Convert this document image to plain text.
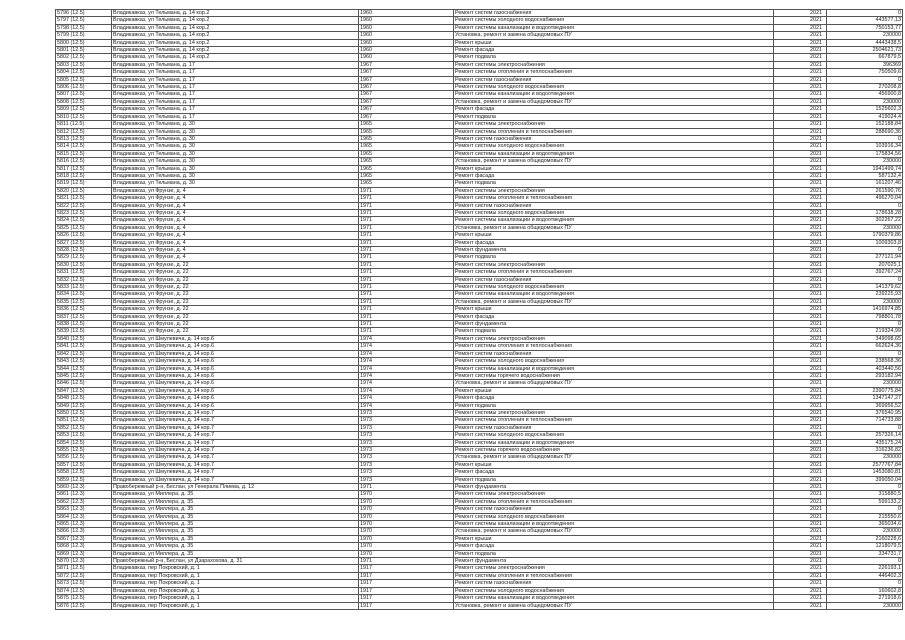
5796 (12.5)	Владикавказ, ул Тельмана, д. 14 кор.2	1960	Ремонт систем газоснабжения	2021	0
5797 (12.5)	Владикавказ, ул Тельмана, д. 14 кор.2	1960	Ремонт системы холодного водоснабжения	2021	443577,13
5798 (12.5)	Владикавказ, ул Тельмана, д. 14 кор.2	1960	Ремонт системы канализации и водоотведения	2021	750153,77
5799 (12.5)	Владикавказ, ул Тельмана, д. 14 кор.2	1960	Установка, ремонт и замена общедомовых ПУ	2021	230000
5800 (12.5)	Владикавказ, ул Тельмана, д. 14 кор.2	1960	Ремонт крыши	2021	4443438,5
5801 (12.5)	Владикавказ, ул Тельмана, д. 14 кор.2	1960	Ремонт фасада	2021	2504621,73
5802 (12.5)	Владикавказ, ул Тельмана, д. 14 кор.2	1960	Ремонт подвала	2021	667879,5
5803 (12.5)	Владикавказ, ул Тельмана, д. 17	1967	Ремонт системы электроснабжения	2021	396369
5804 (12.5)	Владикавказ, ул Тельмана, д. 17	1967	Ремонт системы отопления и теплоснабжения	2021	750509,6
5805 (12.5)	Владикавказ, ул Тельмана, д. 17	1967	Ремонт систем газоснабжения	2021	0
5806 (12.5)	Владикавказ, ул Тельмана, д. 17	1967	Ремонт системы холодного водоснабжения	2021	270208,8
5807 (12.5)	Владикавказ, ул Тельмана, д. 17	1967	Ремонт системы канализации и водоотведения	2021	456900,8
5808 (12.5)	Владикавказ, ул Тельмана, д. 17	1967	Установка, ремонт и замена общедомовых ПУ	2021	230000
5809 (12.5)	Владикавказ, ул Тельмана, д. 17	1967	Ремонт фасада	2021	1525602,3
5810 (12.5)	Владикавказ, ул Тельмана, д. 17	1967	Ремонт подвала	2021	419024,4
5811 (12.5)	Владикавказ, ул Тельмана, д. 30	1965	Ремонт системы электроснабжения	2021	152188,84
5812 (12.5)	Владикавказ, ул Тельмана, д. 30	1965	Ремонт системы отопления и теплоснабжения	2021	288690,36
5813 (12.5)	Владикавказ, ул Тельмана, д. 30	1965	Ремонт систем газоснабжения	2021	0
5814 (12.5)	Владикавказ, ул Тельмана, д. 30	1965	Ремонт системы холодного водоснабжения	2021	103916,34
5815 (12.5)	Владикавказ, ул Тельмана, д. 30	1965	Ремонт системы канализации и водоотведения	2021	175834,56
5816 (12.5)	Владикавказ, ул Тельмана, д. 30	1965	Установка, ремонт и замена общедомовых ПУ	2021	230000
5817 (12.5)	Владикавказ, ул Тельмана, д. 30	1965	Ремонт крыши	2021	1941499,74
5818 (12.5)	Владикавказ, ул Тельмана, д. 30	1965	Ремонт фасада	2021	587132,4
5819 (12.5)	Владикавказ, ул Тельмана, д. 30	1965	Ремонт подвала	2021	161207,46
5820 (12.5)	Владикавказ, ул Фрунзе, д. 4	1971	Ремонт системы электроснабжения	2021	261590,76
5821 (12.5)	Владикавказ, ул Фрунзе, д. 4	1971	Ремонт системы отопления и теплоснабжения	2021	496270,04
5822 (12.5)	Владикавказ, ул Фрунзе, д. 4	1971	Ремонт систем газоснабжения	2021	0
5823 (12.5)	Владикавказ, ул Фрунзе, д. 4	1971	Ремонт системы холодного водоснабжения	2021	178638,28
5824 (12.5)	Владикавказ, ул Фрунзе, д. 4	1971	Ремонт системы канализации и водоотведения	2021	302267,22
5825 (12.5)	Владикавказ, ул Фрунзе, д. 4	1971	Установка, ремонт и замена общедомовых ПУ	2021	230000
5826 (12.5)	Владикавказ, ул Фрунзе, д. 4	1971	Ремонт крыши	2021	1790379,86
5827 (12.5)	Владикавказ, ул Фрунзе, д. 4	1971	Ремонт фасада	2021	1009303,8
5828 (12.5)	Владикавказ, ул Фрунзе, д. 4	1971	Ремонт фундамента	2021	0
5829 (12.5)	Владикавказ, ул Фрунзе, д. 4	1971	Ремонт подвала	2021	277121,94
5830 (12.5)	Владикавказ, ул Фрунзе, д. 22	1971	Ремонт системы электроснабжения	2021	207025,1
5831 (12.5)	Владикавказ, ул Фрунзе, д. 22	1971	Ремонт системы отопления и теплоснабжения	2021	392767,24
5832 (12.5)	Владикавказ, ул Фрунзе, д. 22	1971	Ремонт систем газоснабжения	2021	0
5833 (12.5)	Владикавказ, ул Фрунзе, д. 22	1971	Ремонт системы холодного водоснабжения	2021	141379,62
5834 (12.5)	Владикавказ, ул Фрунзе, д. 22	1971	Ремонт системы канализации и водоотведения	2021	239225,93
5835 (12.5)	Владикавказ, ул Фрунзе, д. 22	1971	Установка, ремонт и замена общедомовых ПУ	2021	230000
5836 (12.5)	Владикавказ, ул Фрунзе, д. 22	1971	Ремонт крыши	2021	1416974,85
5837 (12.5)	Владикавказ, ул Фрунзе, д. 22	1971	Ремонт фасада	2021	798801,78
5838 (12.5)	Владикавказ, ул Фрунзе, д. 22	1971	Ремонт фундамента	2021	0
5839 (12.5)	Владикавказ, ул Фрунзе, д. 22	1971	Ремонт подвала	2021	219324,99
5840 (12.5)	Владикавказ, ул Шмулевича, д. 14 кор.6	1974	Ремонт системы электроснабжения	2021	349098,65
5841 (12.5)	Владикавказ, ул Шмулевича, д. 14 кор.6	1974	Ремонт системы отопления и теплоснабжения	2021	662624,36
5842 (12.5)	Владикавказ, ул Шмулевича, д. 14 кор.6	1974	Ремонт систем газоснабжения	2021	0
5843 (12.5)	Владикавказ, ул Шмулевича, д. 14 кор.6	1974	Ремонт системы холодного водоснабжения	2021	238568,36
5844 (12.5)	Владикавказ, ул Шмулевича, д. 14 кор.6	1974	Ремонт системы канализации и водоотведения	2021	403440,56
5845 (12.5)	Владикавказ, ул Шмулевича, д. 14 кор.6	1974	Ремонт системы горячего водоснабжения	2021	293182,94
5846 (12.5)	Владикавказ, ул Шмулевича, д. 14 кор.6	1974	Установка, ремонт и замена общедомовых ПУ	2021	230000
5847 (12.5)	Владикавказ, ул Шмулевича, д. 14 кор.6	1974	Ремонт крыши	2021	2390775,84
5848 (12.5)	Владикавказ, ул Шмулевича, д. 14 кор.6	1974	Ремонт фасада	2021	1347147,27
5849 (12.5)	Владикавказ, ул Шмулевича, д. 14 кор.6	1974	Ремонт подвала	2021	369956,52
5850 (12.5)	Владикавказ, ул Шмулевича, д. 14 кор.7	1973	Ремонт системы электроснабжения	2021	376540,95
5851 (12.5)	Владикавказ, ул Шмулевича, д. 14 кор.7	1973	Ремонт системы отопления и теплоснабжения	2021	714733,88
5852 (12.5)	Владикавказ, ул Шмулевича, д. 14 кор.7	1973	Ремонт систем газоснабжения	2021	0
5853 (12.5)	Владикавказ, ул Шмулевича, д. 14 кор.7	1973	Ремонт системы холодного водоснабжения	2021	257326,14
5854 (12.5)	Владикавказ, ул Шмулевича, д. 14 кор.7	1973	Ремонт системы канализации и водоотведения	2021	435175,24
5855 (12.5)	Владикавказ, ул Шмулевича, д. 14 кор.7	1973	Ремонт системы горячего водоснабжения	2021	316236,82
5856 (12.5)	Владикавказ, ул Шмулевича, д. 14 кор.7	1973	Установка, ремонт и замена общедомовых ПУ	2021	230000
5857 (12.5)	Владикавказ, ул Шмулевича, д. 14 кор.7	1973	Ремонт крыши	2021	2577767,84
5858 (12.5)	Владикавказ, ул Шмулевича, д. 14 кор.7	1973	Ремонт фасада	2021	1453080,81
5859 (12.5)	Владикавказ, ул Шмулевича, д. 14 кор.7	1973	Ремонт подвала	2021	399050,04
5860 (12.3)	Правобережный р-н, Беслан, ул Генерала Плиева, д. 12	1971	Ремонт фундамента	2021	0
5861 (12.3)	Владикавказ, ул Миллера, д. 35	1970	Ремонт системы электроснабжения	2021	315880,5
5862 (12.3)	Владикавказ, ул Миллера, д. 35	1970	Ремонт системы отопления и теплоснабжения	2021	599133,2
5863 (12.3)	Владикавказ, ул Миллера, д. 35	1970	Ремонт систем газоснабжения	2021	0
5864 (12.3)	Владикавказ, ул Миллера, д. 35	1970	Ремонт системы холодного водоснабжения	2021	215550,6
5865 (12.3)	Владикавказ, ул Миллера, д. 35	1970	Ремонт системы канализации и водоотведения	2021	365034,6
5866 (12.3)	Владикавказ, ул Миллера, д. 35	1970	Установка, ремонт и замена общедомовых ПУ	2021	230000
5867 (12.3)	Владикавказ, ул Миллера, д. 35	1970	Ремонт крыши	2021	2160228,6
5868 (12.3)	Владикавказ, ул Миллера, д. 35	1970	Ремонт фасада	2021	1218079,5
5869 (12.3)	Владикавказ, ул Миллера, д. 35	1970	Ремонт подвала	2021	334731,7
5870 (12.3)	Правобережный р-н, Беслан, ул Дзарахохова, д. 31	1971	Ремонт фундамента	2021	0
5871 (12.5)	Владикавказ, пер Покровский, д. 1	1917	Ремонт системы электроснабжения	2021	226193,1
5872 (12.5)	Владикавказ, пер Покровский, д. 1	1917	Ремонт системы отопления и теплоснабжения	2021	446402,3
5873 (12.5)	Владикавказ, пер Покровский, д. 1	1917	Ремонт систем газоснабжения	2021	0
5874 (12.5)	Владикавказ, пер Покровский, д. 1	1917	Ремонт системы холодного водоснабжения	2021	160602,8
5875 (12.5)	Владикавказ, пер Покровский, д. 1	1917	Ремонт системы канализации и водоотведения	2021	271918,6
5876 (12.5)	Владикавказ, пер Покровский, д. 1	1917	Установка, ремонт и замена общедомовых ПУ	2021	230000
